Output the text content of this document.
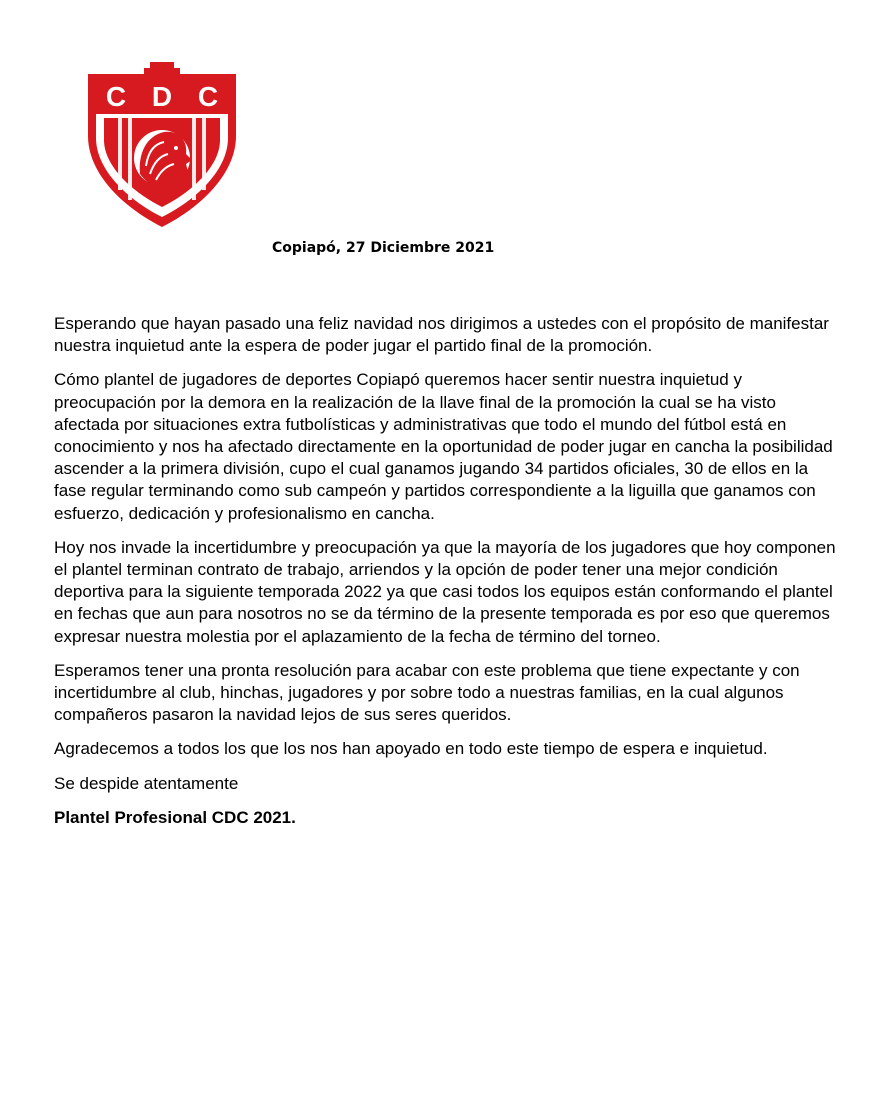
C D C
Copiapó, 27 Diciembre 2021

Esperando que hayan pasado una feliz navidad nos dirigimos a ustedes con el propósito de manifestar nuestra inquietud ante la espera de poder jugar el partido final de la promoción.

Cómo plantel de jugadores de deportes Copiapó queremos hacer sentir nuestra inquietud y preocupación por la demora en la realización de la llave final de la promoción la cual se ha visto afectada por situaciones extra futbolísticas y administrativas que todo el mundo del fútbol está en conocimiento y nos ha afectado directamente en la oportunidad de poder jugar en cancha la posibilidad ascender a la primera división, cupo el cual ganamos jugando 34 partidos oficiales, 30 de ellos en la fase regular terminando como sub campeón y partidos correspondiente a la liguilla que ganamos con esfuerzo, dedicación y profesionalismo en cancha.

Hoy nos invade la incertidumbre y preocupación ya que la mayoría de los jugadores que hoy componen el plantel terminan contrato de trabajo, arriendos y la opción de poder tener una mejor condición deportiva para la siguiente temporada 2022 ya que casi todos los equipos están conformando el plantel en fechas que aun para nosotros no se da término de la presente temporada es por eso que queremos expresar nuestra molestia por el aplazamiento de la fecha de término del torneo.

Esperamos tener una pronta resolución para acabar con este problema que tiene expectante y con incertidumbre al club, hinchas, jugadores y por sobre todo a nuestras familias, en la cual algunos compañeros pasaron la navidad lejos de sus seres queridos.

Agradecemos a todos los que los nos han apoyado en todo este tiempo de espera e inquietud.

Se despide atentamente

Plantel Profesional CDC 2021.
